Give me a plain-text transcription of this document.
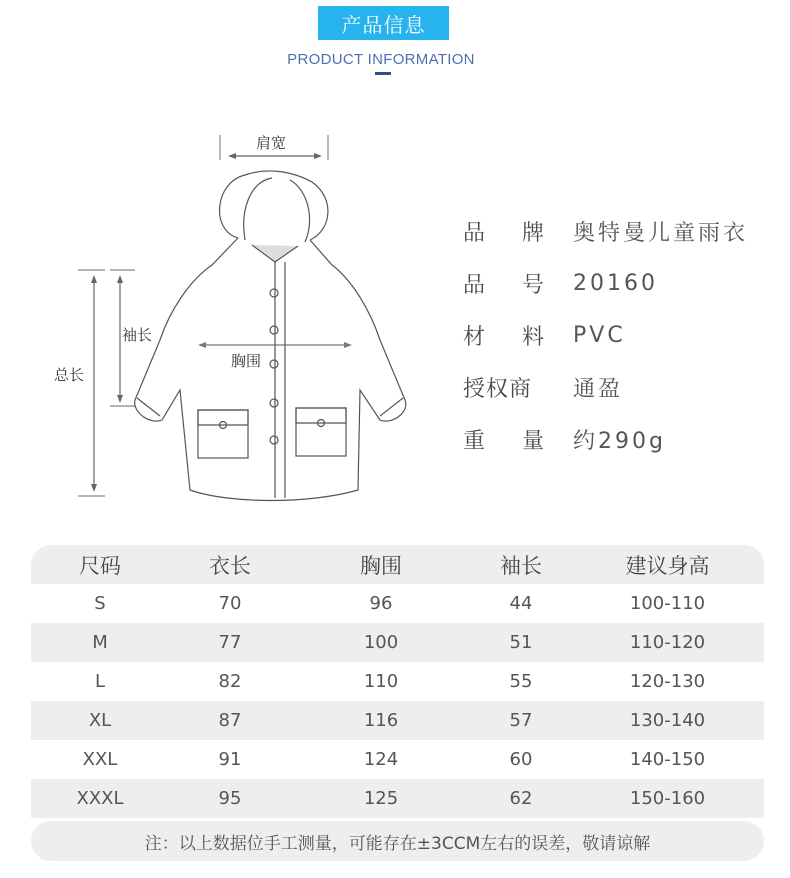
产品信息
PRODUCT INFORMATION
肩宽
袖长
总长
胸围
品 牌 奥特曼儿童雨衣
品 号 20160
材 料 PVC
授权商	通盈
重 量 约290g
尺码	衣长	胸围	袖长	建议身高
S	70	96	44	100-110
M	77	100	51	110-120
L	82	110	55	120-130
XL	87	116	57	130-140
XXL	91	124	60	140-150
XXXL	95	125	62	150-160
注：以上数据位手工测量，可能存在±3CCM左右的误差，敬请谅解
